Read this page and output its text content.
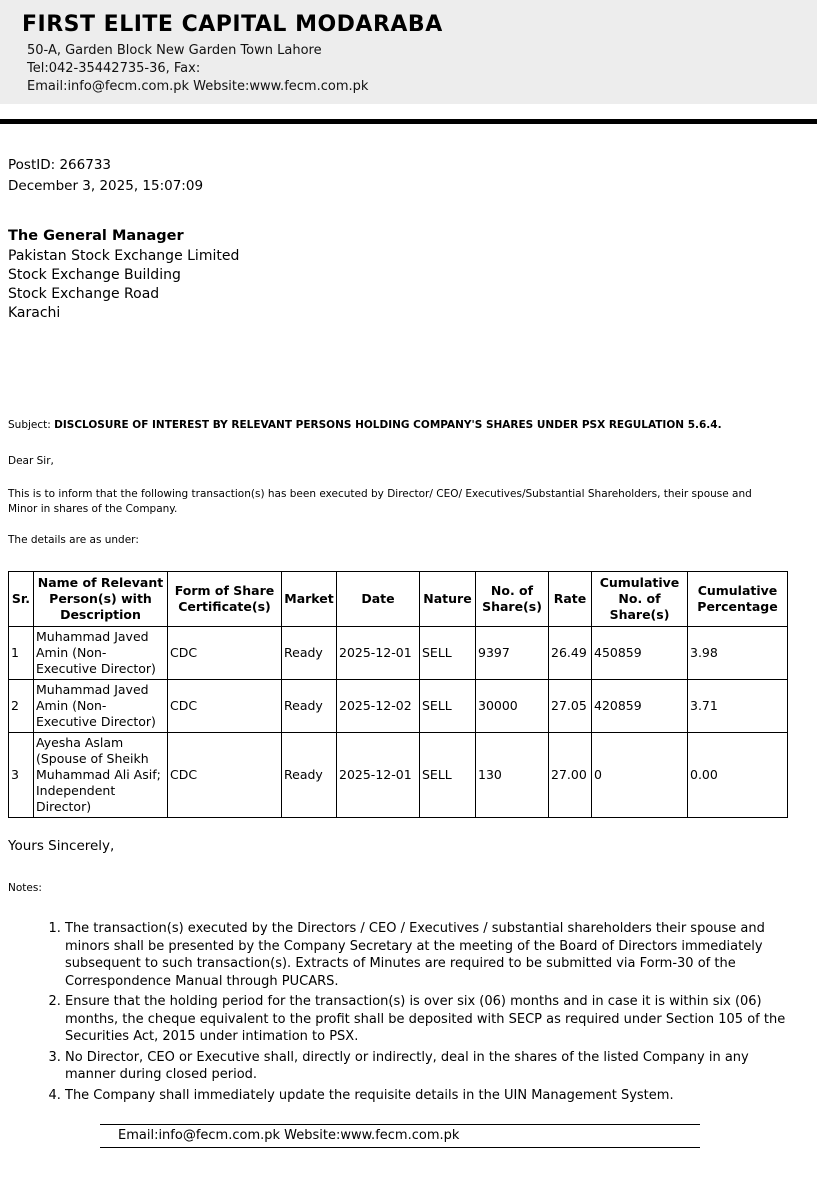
FIRST ELITE CAPITAL MODARABA
50-A, Garden Block New Garden Town Lahore
Tel:042-35442735-36, Fax:
Email:info@fecm.com.pk Website:www.fecm.com.pk
PostID: 266733
December 3, 2025, 15:07:09
The General Manager
Pakistan Stock Exchange Limited
Stock Exchange Building
Stock Exchange Road
Karachi
Subject: DISCLOSURE OF INTEREST BY RELEVANT PERSONS HOLDING COMPANY'S SHARES UNDER PSX REGULATION 5.6.4.
Dear Sir,
This is to inform that the following transaction(s) has been executed by Director/ CEO/ Executives/Substantial Shareholders, their spouse and Minor in shares of the Company.
The details are as under:
Sr.	Name of Relevant Person(s) with Description	Form of Share Certificate(s)	Market	Date	Nature	No. of Share(s)	Rate	Cumulative No. of Share(s)	Cumulative Percentage
1	Muhammad Javed Amin (Non-Executive Director)	CDC	Ready	2025-12-01	SELL	9397	26.49	450859	3.98
2	Muhammad Javed Amin (Non-Executive Director)	CDC	Ready	2025-12-02	SELL	30000	27.05	420859	3.71
3	Ayesha Aslam (Spouse of Sheikh Muhammad Ali Asif; Independent Director)	CDC	Ready	2025-12-01	SELL	130	27.00	0	0.00
Yours Sincerely,
Notes:
1. The transaction(s) executed by the Directors / CEO / Executives / substantial shareholders their spouse and minors shall be presented by the Company Secretary at the meeting of the Board of Directors immediately subsequent to such transaction(s). Extracts of Minutes are required to be submitted via Form-30 of the Correspondence Manual through PUCARS.
2. Ensure that the holding period for the transaction(s) is over six (06) months and in case it is within six (06) months, the cheque equivalent to the profit shall be deposited with SECP as required under Section 105 of the Securities Act, 2015 under intimation to PSX.
3. No Director, CEO or Executive shall, directly or indirectly, deal in the shares of the listed Company in any manner during closed period.
4. The Company shall immediately update the requisite details in the UIN Management System.
Email:info@fecm.com.pk Website:www.fecm.com.pk
